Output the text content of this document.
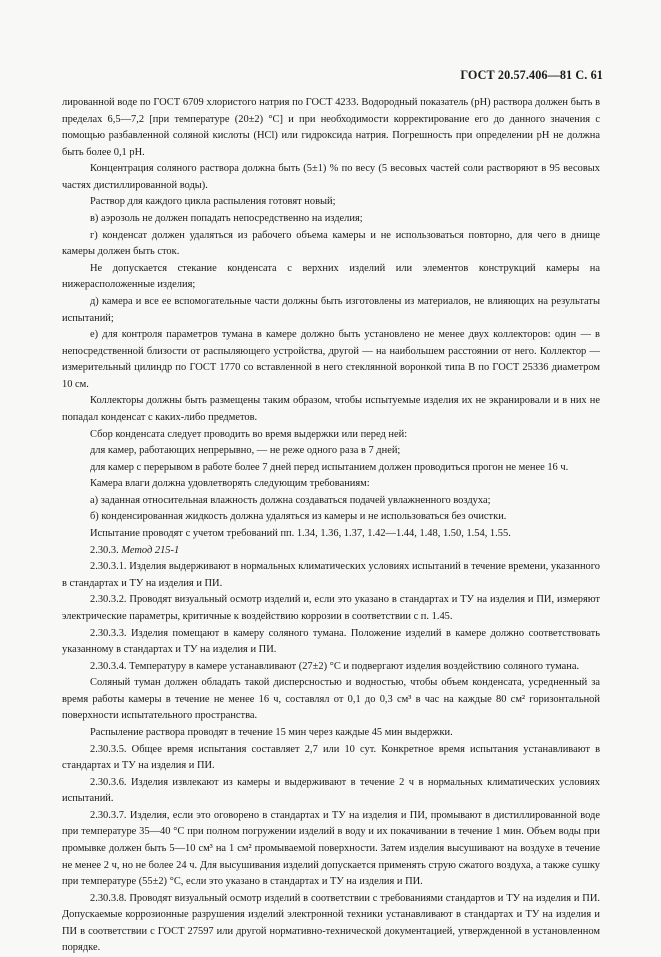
ГОСТ 20.57.406—81 С. 61

лированной воде по ГОСТ 6709 хлористого натрия по ГОСТ 4233. Водородный показатель (рН) раствора должен быть в пределах 6,5—7,2 [при температуре (20±2) °С] и при необходимости корректирование его до данного значения с помощью разбавленной соляной кислоты (НСl) или гидроксида натрия. Погрешность при определении рН не должна быть более 0,1 рН.

Концентрация соляного раствора должна быть (5±1) % по весу (5 весовых частей соли растворяют в 95 весовых частях дистиллированной воды).

Раствор для каждого цикла распыления готовят новый;

в) аэрозоль не должен попадать непосредственно на изделия;

г) конденсат должен удаляться из рабочего объема камеры и не использоваться повторно, для чего в днище камеры должен быть сток.

Не допускается стекание конденсата с верхних изделий или элементов конструкций камеры на нижерасположенные изделия;

д) камера и все ее вспомогательные части должны быть изготовлены из материалов, не влияющих на результаты испытаний;

е) для контроля параметров тумана в камере должно быть установлено не менее двух коллекторов: один — в непосредственной близости от распыляющего устройства, другой — на наибольшем расстоянии от него. Коллектор — измерительный цилиндр по ГОСТ 1770 со вставленной в него стеклянной воронкой типа В по ГОСТ 25336 диаметром 10 см.

Коллекторы должны быть размещены таким образом, чтобы испытуемые изделия их не экранировали и в них не попадал конденсат с каких-либо предметов.

Сбор конденсата следует проводить во время выдержки или перед ней:

для камер, работающих непрерывно, — не реже одного раза в 7 дней;

для камер с перерывом в работе более 7 дней перед испытанием должен проводиться прогон не менее 16 ч.

Камера влаги должна удовлетворять следующим требованиям:

а) заданная относительная влажность должна создаваться подачей увлажненного воздуха;

б) конденсированная жидкость должна удаляться из камеры и не использоваться без очистки.

Испытание проводят с учетом требований пп. 1.34, 1.36, 1.37, 1.42—1.44, 1.48, 1.50, 1.54, 1.55.

2.30.3. Метод 215-1

2.30.3.1. Изделия выдерживают в нормальных климатических условиях испытаний в течение времени, указанного в стандартах и ТУ на изделия и ПИ.

2.30.3.2. Проводят визуальный осмотр изделий и, если это указано в стандартах и ТУ на изделия и ПИ, измеряют электрические параметры, критичные к воздействию коррозии в соответствии с п. 1.45.

2.30.3.3. Изделия помещают в камеру соляного тумана. Положение изделий в камере должно соответствовать указанному в стандартах и ТУ на изделия и ПИ.

2.30.3.4. Температуру в камере устанавливают (27±2) °С и подвергают изделия воздействию соляного тумана.

Соляный туман должен обладать такой дисперсностью и водностью, чтобы объем конденсата, усредненный за время работы камеры в течение не менее 16 ч, составлял от 0,1 до 0,3 см³ в час на каждые 80 см² горизонтальной поверхности испытательного пространства.

Распыление раствора проводят в течение 15 мин через каждые 45 мин выдержки.

2.30.3.5. Общее время испытания составляет 2,7 или 10 сут. Конкретное время испытания устанавливают в стандартах и ТУ на изделия и ПИ.

2.30.3.6. Изделия извлекают из камеры и выдерживают в течение 2 ч в нормальных климатических условиях испытаний.

2.30.3.7. Изделия, если это оговорено в стандартах и ТУ на изделия и ПИ, промывают в дистиллированной воде при температуре 35—40 °С при полном погружении изделий в воду и их покачивании в течение 1 мин. Объем воды при промывке должен быть 5—10 см³ на 1 см² промываемой поверхности. Затем изделия высушивают на воздухе в течение не менее 2 ч, но не более 24 ч. Для высушивания изделий допускается применять струю сжатого воздуха, а также сушку при температуре (55±2) °С, если это указано в стандартах и ТУ на изделия и ПИ.

2.30.3.8. Проводят визуальный осмотр изделий в соответствии с требованиями стандартов и ТУ на изделия и ПИ. Допускаемые коррозионные разрушения изделий электронной техники устанавливают в стандартах и ТУ на изделия и ПИ в соответствии с ГОСТ 27597 или другой нормативно-технической документацией, утвержденной в установленном порядке.
